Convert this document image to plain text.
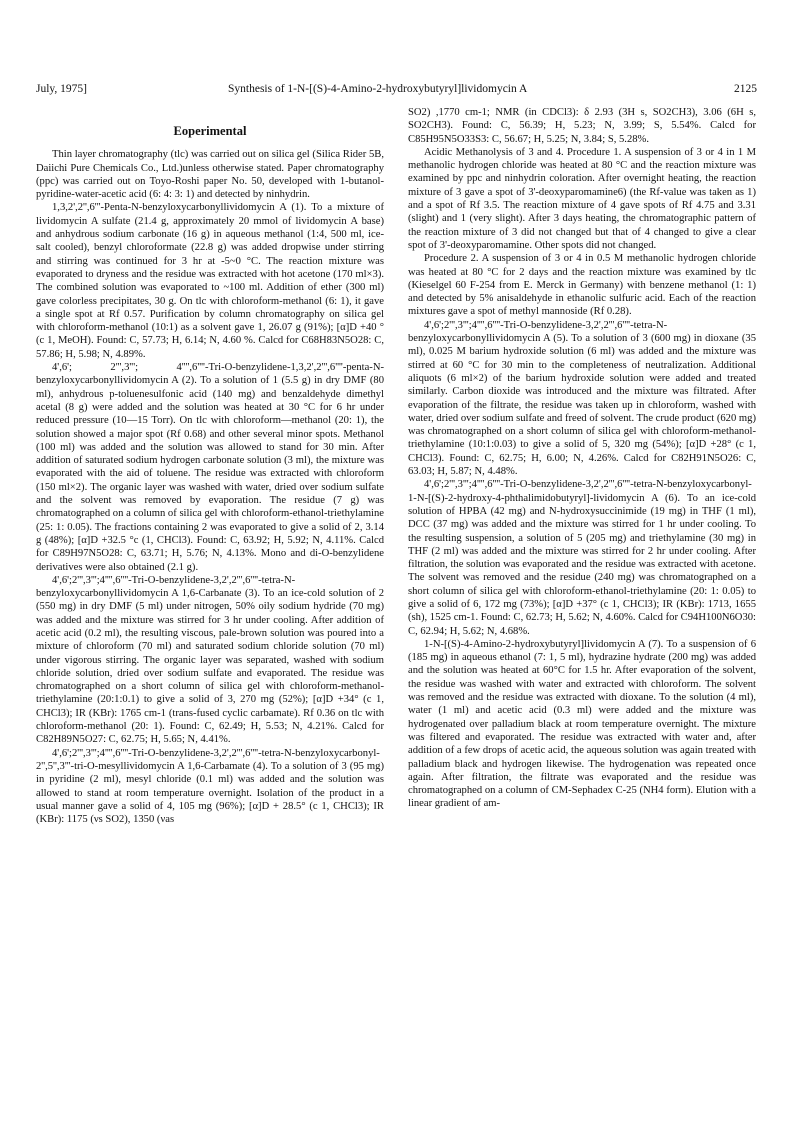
July, 1975]	Synthesis of 1-N-[(S)-4-Amino-2-hydroxybutyryl]lividomycin A	2125
Eoperimental

Thin layer chromatography (tlc) was carried out on silica gel (Silica Rider 5B, Daiichi Pure Chemicals Co., Ltd.)unless otherwise stated. Paper chromatography (ppc) was carried out on Toyo-Roshi paper No. 50, developed with 1-butanol-pyridine-water-acetic acid (6: 4: 3: 1) and detected by ninhydrin.

1,3,2',2'',6'''-Penta-N-benzyloxycarbonyllividomycin A (1). To a mixture of lividomycin A sulfate (21.4 g, approximately 20 mmol of lividomycin A base) and anhydrous sodium carbonate (16 g) in aqueous methanol (1:4, 500 ml, ice-salt cooled), benzyl chloroformate (22.8 g) was added dropwise under stirring and stirring was continued for 3 hr at -5~0 °C. The reaction mixture was evaporated to dryness and the residue was extracted with hot acetone (170 ml×3). The combined solution was evaporated to ~100 ml. Addition of ether (300 ml) gave colorless precipitates, 30 g. On tlc with chloroform-methanol (6: 1), it gave a single spot at Rf 0.57. Purification by column chromatography on silica gel with chloroform-methanol (10:1) as a solvent gave 1, 26.07 g (91%); [α]D +40 ° (c 1, MeOH). Found: C, 57.73; H, 6.14; N, 4.60 %. Calcd for C68H83N5O28: C, 57.86; H, 5.98; N, 4.89%.

4',6'; 2''',3'''; 4'''',6''''-Tri-O-benzylidene-1,3,2',2''',6''''-penta-N-benzyloxycarbonyllividomycin A (2). To a solution of 1 (5.5 g) in dry DMF (80 ml), anhydrous p-toluenesulfonic acid (140 mg) and benzaldehyde dimethyl acetal (8 g) were added and the solution was heated at 30 °C for 6 hr under reduced pressure (10—15 Torr). On tlc with chloroform—methanol (20: 1), the solution showed a major spot (Rf 0.68) and other several minor spots. Methanol (100 ml) was added and the solution was allowed to stand for 30 min. After addition of saturated sodium hydrogen carbonate solution (3 ml), the mixture was evaporated with the aid of toluene. The residue was extracted with chloroform (150 ml×2). The organic layer was washed with water, dried over sodium sulfate and the solvent was removed by evaporation. The residue (7 g) was chromatographed on a column of silica gel with chloroform-ethanol-triethylamine (25: 1: 0.05). The fractions containing 2 was evaporated to give a solid of 2, 3.14 g (48%); [α]D +32.5 °c (1, CHCl3). Found: C, 63.92; H, 5.92; N, 4.11%. Calcd for C89H97N5O28: C, 63.71; H, 5.76; N, 4.13%. Mono and di-O-benzylidene derivatives were also obtained (2.1 g).

4',6';2''',3''';4'''',6''''-Tri-O-benzylidene-3,2',2''',6''''-tetra-N-benzyloxycarbonyllividomycin A 1,6-Carbanate (3). To an ice-cold solution of 2 (550 mg) in dry DMF (5 ml) under nitrogen, 50% oily sodium hydride (70 mg) was added and the mixture was stirred for 3 hr under cooling. After addition of acetic acid (0.2 ml), the resulting viscous, pale-brown solution was poured into a mixture of chloroform (70 ml) and saturated sodium chloride solution (70 ml) under vigorous stirring. The organic layer was separated, washed with sodium chloride solution, dried over sodium sulfate and evaporated. The residue was chromatographed on a short column of silica gel with chloroform-methanol-triethylamine (20:1:0.1) to give a solid of 3, 270 mg (52%); [α]D +34° (c 1, CHCl3); IR (KBr): 1765 cm-1 (trans-fused cyclic carbamate). Rf 0.36 on tlc with chloroform-methanol (20: 1). Found: C, 62.49; H, 5.53; N, 4.21%. Calcd for C82H89N5O27: C, 62.75; H, 5.65; N, 4.41%.

4',6';2''',3''';4'''',6''''-Tri-O-benzylidene-3,2',2''',6''''-tetra-N-benzyloxycarbonyl-2'',5'',3'''-tri-O-mesyllividomycin A 1,6-Carbamate (4). To a solution of 3 (95 mg) in pyridine (2 ml), mesyl chloride (0.1 ml) was added and the solution was allowed to stand at room temperature overnight. Isolation of the product in a usual manner gave a solid of 4, 105 mg (96%); [α]D + 28.5° (c 1, CHCl3); IR (KBr): 1175 (νs SO2), 1350 (νas

SO2) ,1770 cm-1; NMR (in CDCl3): δ 2.93 (3H s, SO2CH3), 3.06 (6H s, SO2CH3). Found: C, 56.39; H, 5.23; N, 3.99; S, 5.54%. Calcd for C85H95N5O33S3: C, 56.67; H, 5.25; N, 3.84; S, 5.28%.

Acidic Methanolysis of 3 and 4. Procedure 1. A suspension of 3 or 4 in 1 M methanolic hydrogen chloride was heated at 80 °C and the reaction mixture was examined by ppc and ninhydrin coloration. After overnight heating, the reaction mixture of 3 gave a spot of 3'-deoxyparomamine6) (the Rf-value was taken as 1) and a spot of Rf 3.5. The reaction mixture of 4 gave spots of Rf 4.75 and 3.31 (slight) and 1 (very slight). After 3 days heating, the chromatographic pattern of the reaction mixture of 3 did not changed but that of 4 changed to give a clear spot of 3'-deoxyparomamine. Other spots did not changed.

Procedure 2. A suspension of 3 or 4 in 0.5 M methanolic hydrogen chloride was heated at 80 °C for 2 days and the reaction mixture was examined by tlc (Kieselgel 60 F-254 from E. Merck in Germany) with benzene methanol (1: 1) and detected by 5% anisaldehyde in ethanolic sulfuric acid. Each of the reaction mixtures gave a spot of methyl mannoside (Rf 0.28).

4',6';2''',3''';4'''',6''''-Tri-O-benzylidene-3,2',2''',6''''-tetra-N-benzyloxycarbonyllividomycin A (5). To a solution of 3 (600 mg) in dioxane (35 ml), 0.025 M barium hydroxide solution (6 ml) was added and the mixture was stirred at 60 °C for 30 min to the completeness of neutralization. Additional aliquots (6 ml×2) of the barium hydroxide solution were added and treated similarly. Carbon dioxide was introduced and the mixture was filtrated. After evaporation of the filtrate, the residue was taken up in chloroform, washed with water, dried over sodium sulfate and freed of solvent. The crude product (620 mg) was chromatographed on a short column of silica gel with chloroform-methanol-triethylamine (10:1:0.03) to give a solid of 5, 320 mg (54%); [α]D +28° (c 1, CHCl3). Found: C, 62.75; H, 6.00; N, 4.26%. Calcd for C82H91N5O26: C, 63.03; H, 5.87; N, 4.48%.

4',6';2''',3''';4'''',6''''-Tri-O-benzylidene-3,2',2''',6''''-tetra-N-benzyloxycarbonyl-1-N-[(S)-2-hydroxy-4-phthalimidobutyryl]-lividomycin A (6). To an ice-cold solution of HPBA (42 mg) and N-hydroxysuccinimide (19 mg) in THF (1 ml), DCC (37 mg) was added and the mixture was stirred for 1 hr under cooling. To the resulting suspension, a solution of 5 (205 mg) and triethylamine (30 mg) in THF (2 ml) was added and the mixture was stirred for 2 hr under cooling. After filtration, the solution was evaporated and the residue was extracted with acetone. The solvent was removed and the residue (240 mg) was chromatographed on a short column of silica gel with chloroform-ethanol-triethylamine (20: 1: 0.05) to give a solid of 6, 172 mg (73%); [α]D +37° (c 1, CHCl3); IR (KBr): 1713, 1655 (sh), 1525 cm-1. Found: C, 62.73; H, 5.62; N, 4.60%. Calcd for C94H100N6O30: C, 62.94; H, 5.62; N, 4.68%.

1-N-[(S)-4-Amino-2-hydroxybutyryl]lividomycin A (7). To a suspension of 6 (185 mg) in aqueous ethanol (7: 1, 5 ml), hydrazine hydrate (200 mg) was added and the solution was heated at 60°C for 1.5 hr. After evaporation of the solvent, the residue was washed with water and extracted with chloroform. The solvent was removed and the residue was extracted with dioxane. To the solution (4 ml), water (1 ml) and acetic acid (0.3 ml) were added and the mixture was hydrogenated over palladium black at room temperature overnight. The mixture was filtered and evaporated. The residue was extracted with water and, after addition of a few drops of acetic acid, the aqueous solution was again treated with palladium black and hydrogen likewise. The hydrogenation was repeated once again. After filtration, the filtrate was evaporated and the residue was chromatographed on a column of CM-Sephadex C-25 (NH4 form). Elution with a linear gradient of am-
